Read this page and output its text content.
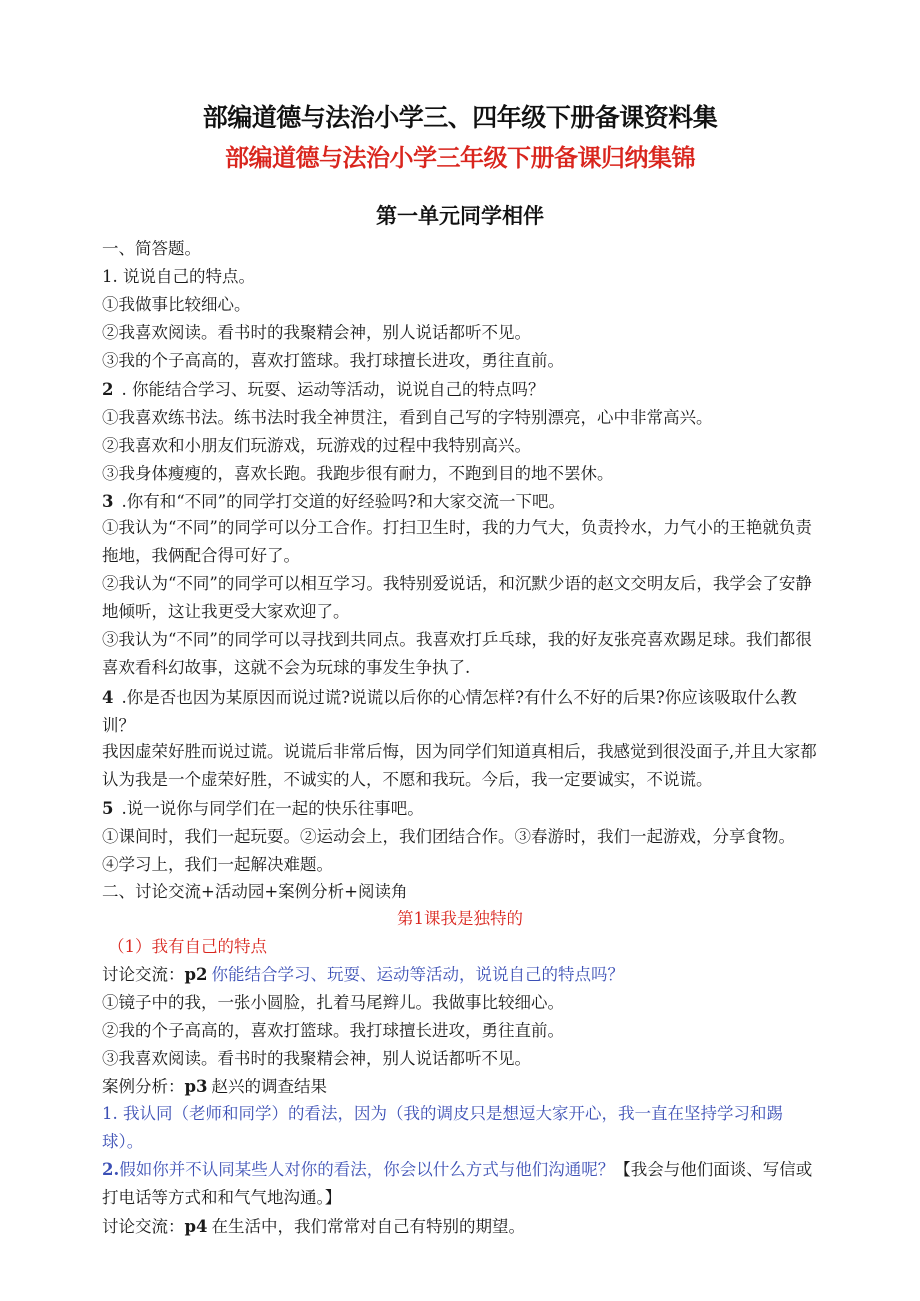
部编道德与法治小学三、四年级下册备课资料集
部编道德与法治小学三年级下册备课归纳集锦
第一单元同学相伴
一、简答题。
1. 说说自己的特点。
①我做事比较细心。
②我喜欢阅读。看书时的我聚精会神，别人说话都听不见。
③我的个子高高的，喜欢打篮球。我打球擅长进攻，勇往直前。
2 . 你能结合学习、玩耍、运动等活动，说说自己的特点吗？
①我喜欢练书法。练书法时我全神贯注，看到自己写的字特别漂亮，心中非常高兴。
②我喜欢和小朋友们玩游戏，玩游戏的过程中我特别高兴。
③我身体瘦瘦的，喜欢长跑。我跑步很有耐力，不跑到目的地不罢休。
3 .你有和“不同”的同学打交道的好经验吗?和大家交流一下吧。
①我认为“不同”的同学可以分工合作。打扫卫生时，我的力气大，负责拎水，力气小的王艳就负责拖地，我俩配合得可好了。
②我认为“不同”的同学可以相互学习。我特别爱说话，和沉默少语的赵文交明友后，我学会了安静地倾听，这让我更受大家欢迎了。
③我认为“不同”的同学可以寻找到共同点。我喜欢打乒乓球，我的好友张亮喜欢踢足球。我们都很喜欢看科幻故事，这就不会为玩球的事发生争执了.
4 .你是否也因为某原因而说过谎?说谎以后你的心情怎样?有什么不好的后果?你应该吸取什么教训？
我因虚荣好胜而说过谎。说谎后非常后悔，因为同学们知道真相后，我感觉到很没面子,并且大家都认为我是一个虚荣好胜，不诚实的人，不愿和我玩。今后，我一定要诚实，不说谎。
5 .说一说你与同学们在一起的快乐往事吧。
①课间时，我们一起玩耍。②运动会上，我们团结合作。③春游时，我们一起游戏，分享食物。
④学习上，我们一起解决难题。
二、讨论交流+活动园+案例分析+阅读角
第1课我是独特的
（1）我有自己的特点
讨论交流：p2 你能结合学习、玩耍、运动等活动，说说自己的特点吗？
①镜子中的我，一张小圆脸，扎着马尾辫儿。我做事比较细心。
②我的个子高高的，喜欢打篮球。我打球擅长进攻，勇往直前。
③我喜欢阅读。看书时的我聚精会神，别人说话都听不见。
案例分析：p3 赵兴的调查结果
1. 我认同（老师和同学）的看法，因为（我的调皮只是想逗大家开心，我一直在坚持学习和踢球）。
2.假如你并不认同某些人对你的看法，你会以什么方式与他们沟通呢？【我会与他们面谈、写信或打电话等方式和和气气地沟通。】
讨论交流：p4 在生活中，我们常常对自己有特别的期望。
